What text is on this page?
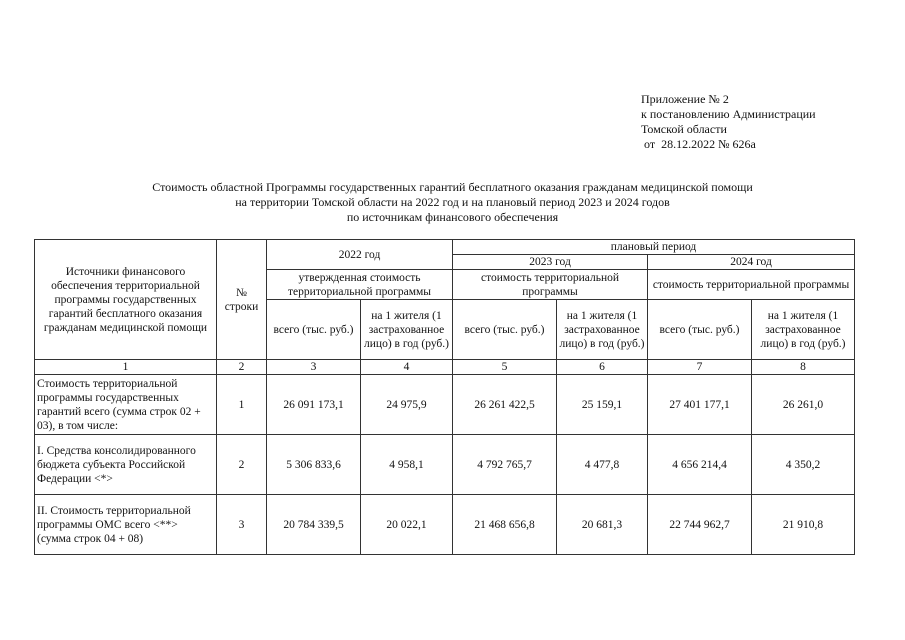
Приложение № 2
к постановлению Администрации
Томской области
от  28.12.2022 № 626а
Стоимость областной Программы государственных гарантий бесплатного оказания гражданам медицинской помощи
на территории Томской области на 2022 год и на плановый период 2023 и 2024 годов
по источникам финансового обеспечения
Источники финансового обеспечения территориальной программы государственных гарантий бесплатного оказания гражданам медицинской помощи	№ строки	2022 год		плановый период			
				2023 год		2024 год	
		утвержденная стоимость территориальной программы		стоимость территориальной программы		стоимость территориальной программы	
		всего (тыс. руб.)	на 1 жителя (1 застрахованное лицо) в год (руб.)	всего (тыс. руб.)	на 1 жителя (1 застрахованное лицо) в год (руб.)	всего (тыс. руб.)	на 1 жителя (1 застрахованное лицо) в год (руб.)
1	2	3	4	5	6	7	8
Стоимость территориальной программы государственных гарантий всего (сумма строк 02 + 03), в том числе:	1	26 091 173,1	24 975,9	26 261 422,5	25 159,1	27 401 177,1	26 261,0
I. Средства консолидированного бюджета субъекта Российской Федерации <*>	2	5 306 833,6	4 958,1	4 792 765,7	4 477,8	4 656 214,4	4 350,2
II. Стоимость территориальной программы ОМС всего <**> (сумма строк 04 + 08)	3	20 784 339,5	20 022,1	21 468 656,8	20 681,3	22 744 962,7	21 910,8
